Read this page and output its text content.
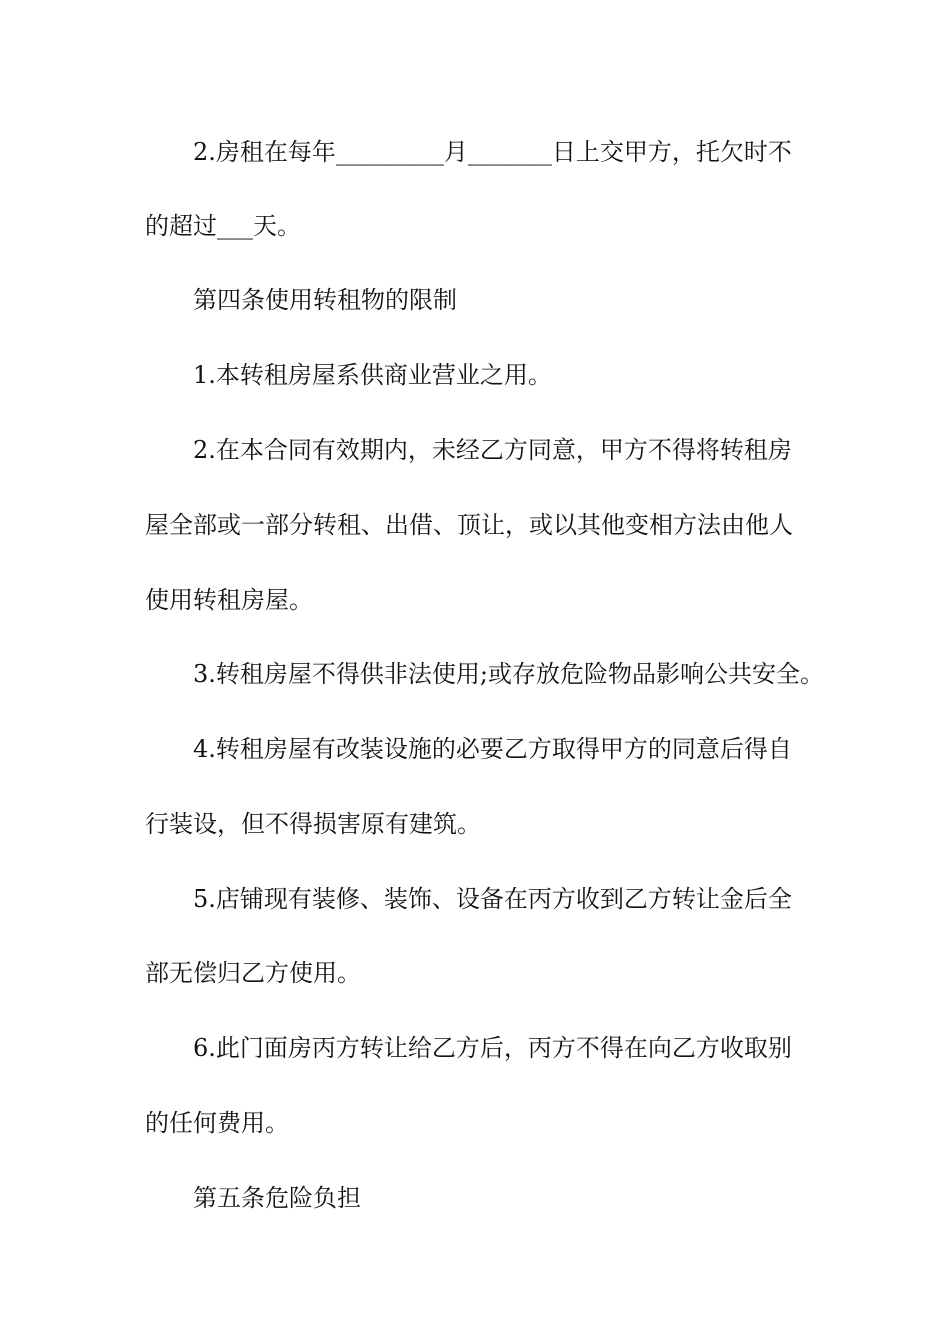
2.房租在每年_________月_______日上交甲方，托欠时不
的超过___天。
第四条使用转租物的限制
1.本转租房屋系供商业营业之用。
2.在本合同有效期内，未经乙方同意，甲方不得将转租房
屋全部或一部分转租、出借、顶让，或以其他变相方法由他人
使用转租房屋。
3.转租房屋不得供非法使用;或存放危险物品影响公共安全。
4.转租房屋有改装设施的必要乙方取得甲方的同意后得自
行装设，但不得损害原有建筑。
5.店铺现有装修、装饰、设备在丙方收到乙方转让金后全
部无偿归乙方使用。
6.此门面房丙方转让给乙方后，丙方不得在向乙方收取别
的任何费用。
第五条危险负担
